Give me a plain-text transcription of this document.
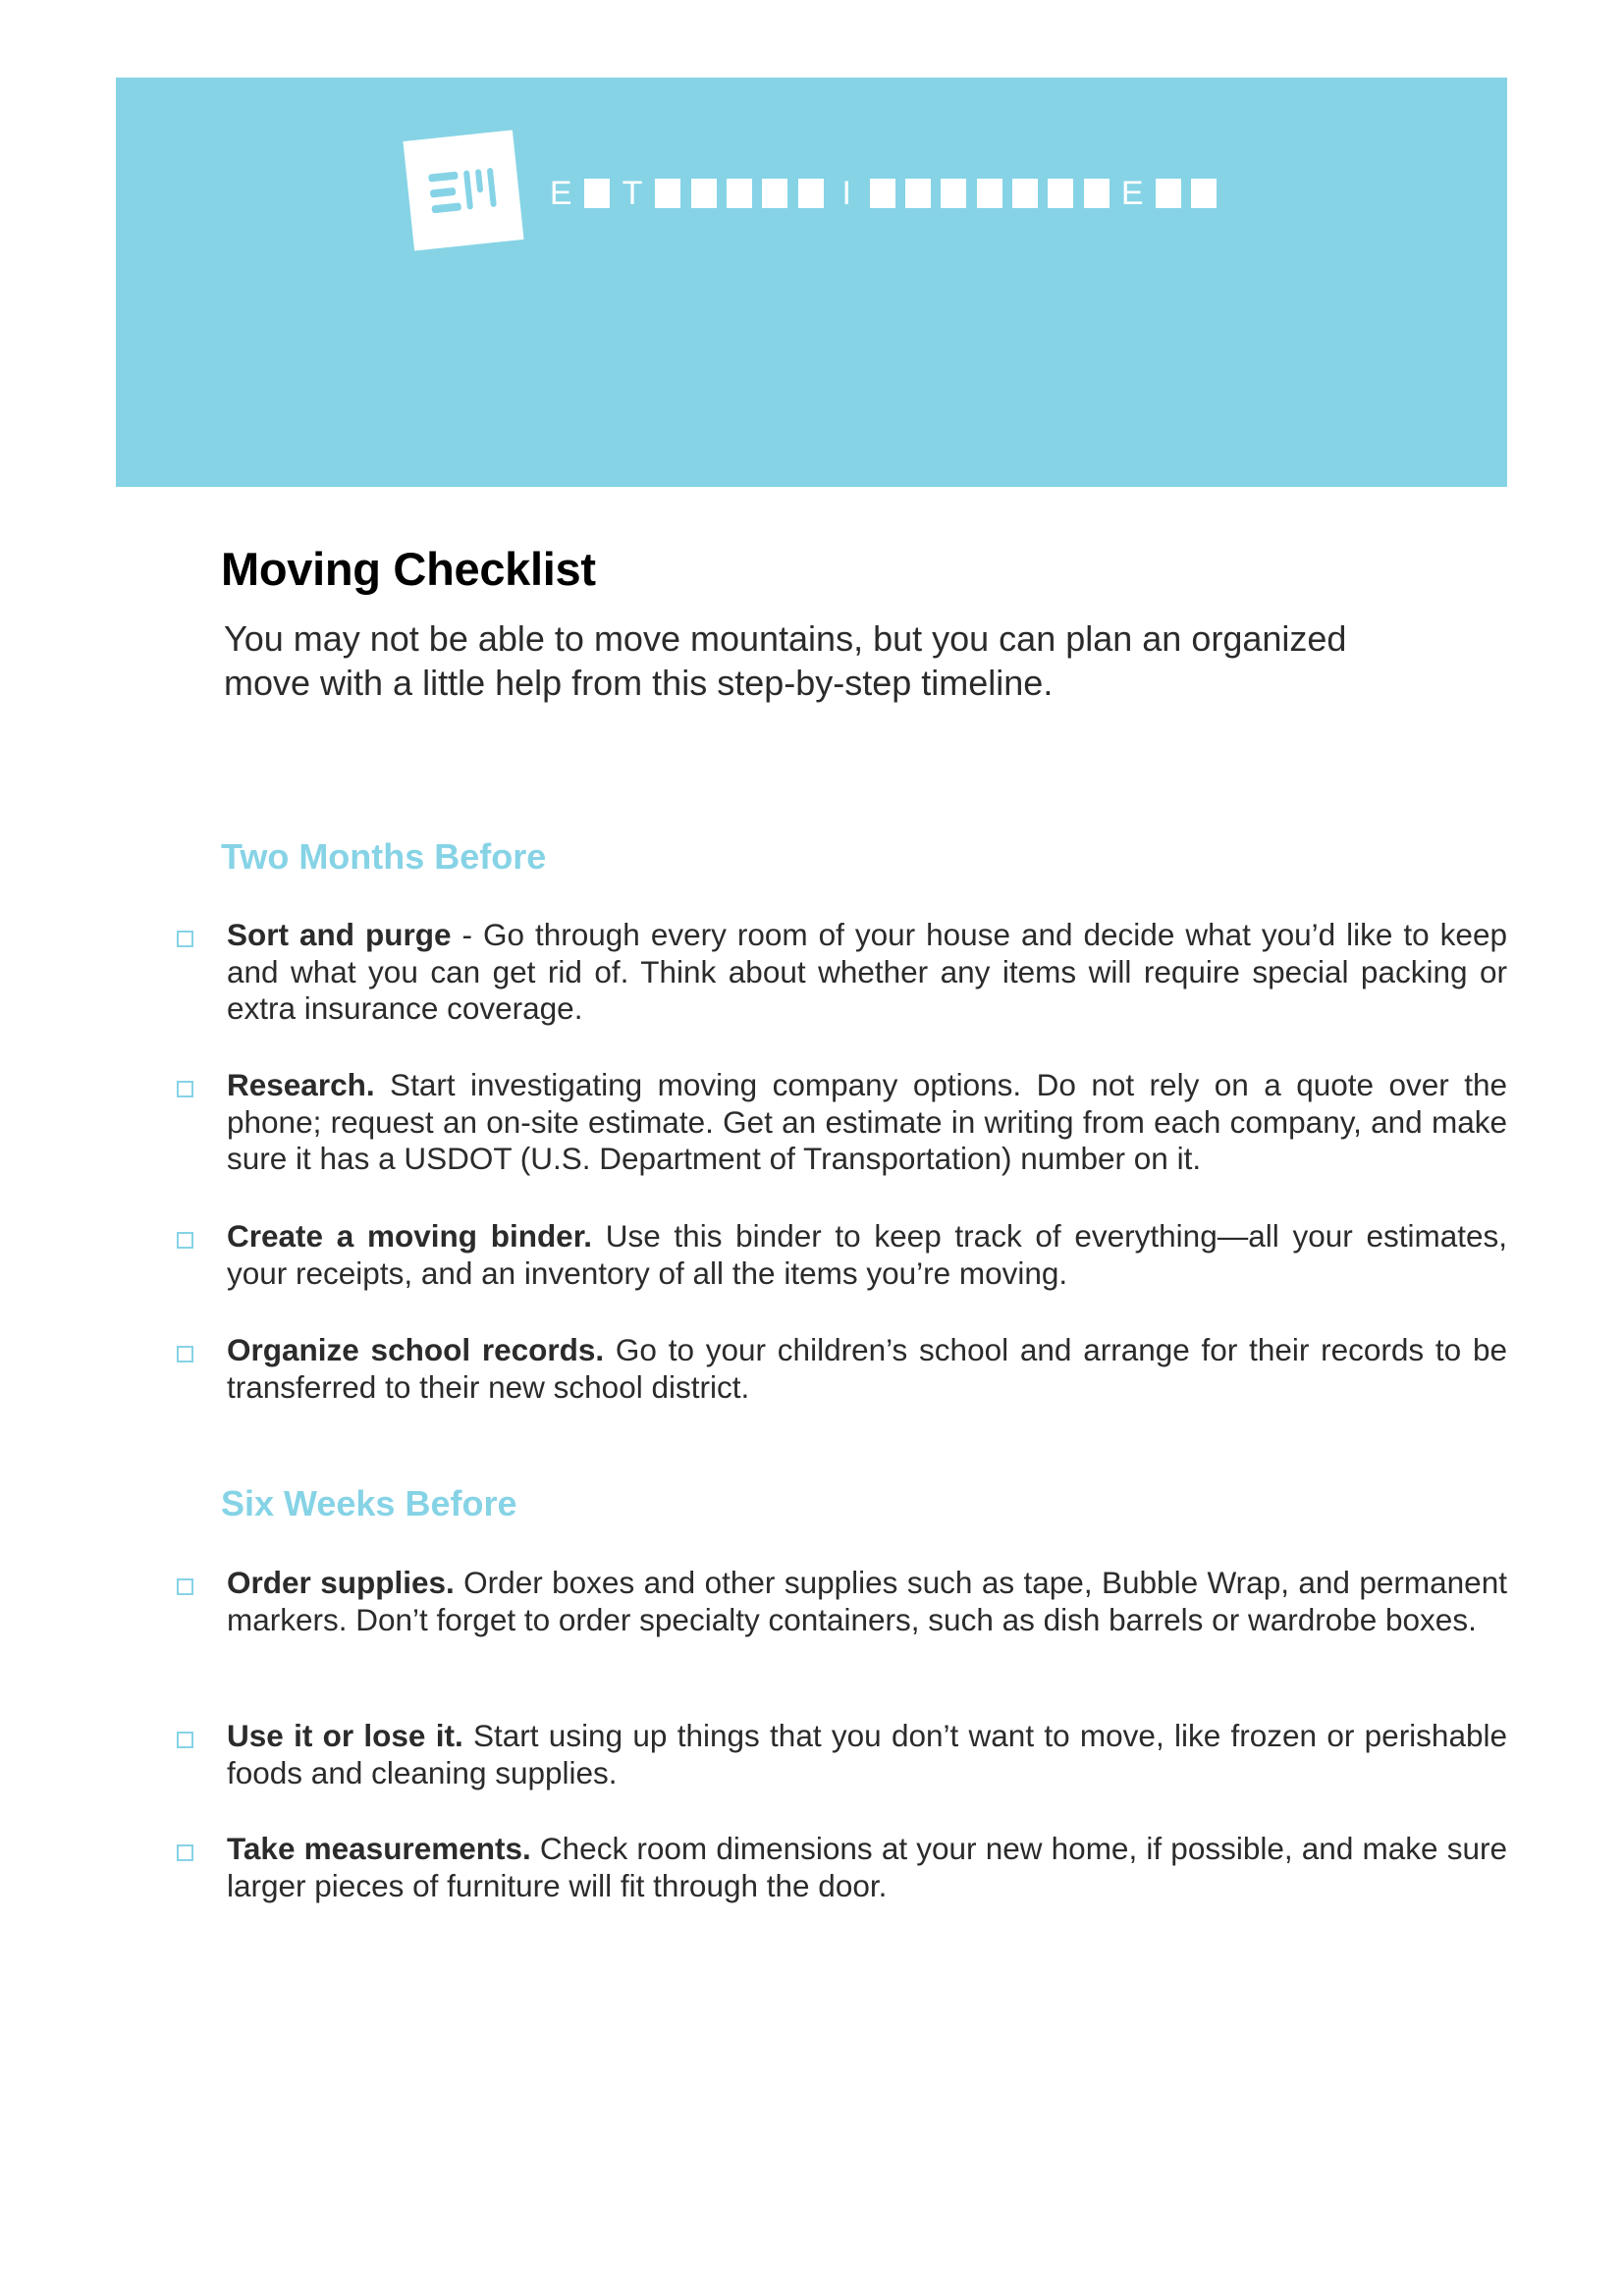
E T	I	E
Moving Checklist

You may not be able to move mountains, but you can plan an organized
move with a little help from this step-by-step timeline.

Two Months Before

Sort and purge - Go through every room of your house and decide what you’d like to keep and what you can get rid of. Think about whether any items will require special packing or extra insurance coverage.

Research. Start investigating moving company options. Do not rely on a quote over the phone; request an on-site estimate. Get an estimate in writing from each company, and make sure it has a USDOT (U.S. Department of Transportation) number on it.

Create a moving binder. Use this binder to keep track of everything—all your estimates, your receipts, and an inventory of all the items you’re moving.

Organize school records. Go to your children’s school and arrange for their records to be transferred to their new school district.

Six Weeks Before

Order supplies. Order boxes and other supplies such as tape, Bubble Wrap, and permanent markers. Don’t forget to order specialty containers, such as dish barrels or wardrobe boxes.

Use it or lose it. Start using up things that you don’t want to move, like frozen or perishable foods and cleaning supplies.

Take measurements. Check room dimensions at your new home, if possible, and make sure larger pieces of furniture will fit through the door.
